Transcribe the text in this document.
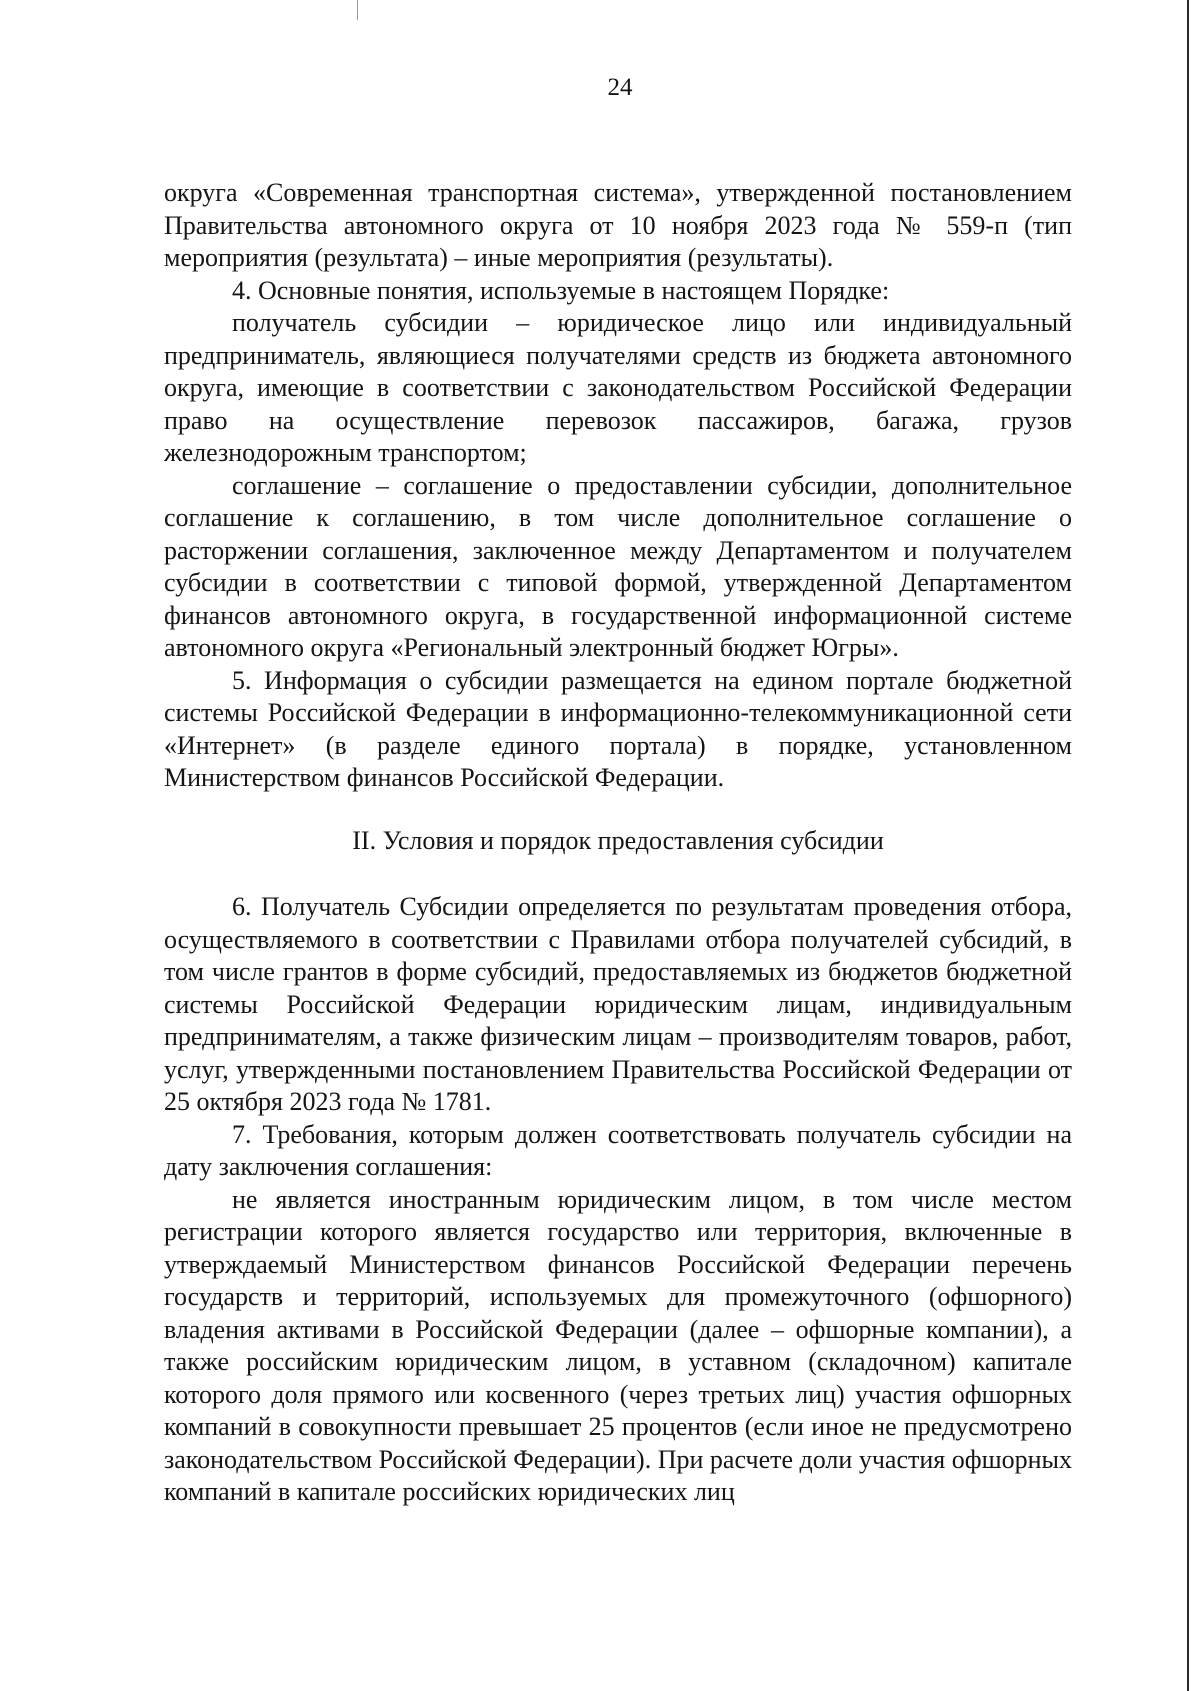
24

округа «Современная транспортная система», утвержденной постановлением Правительства автономного округа от 10 ноября 2023 года № 559-п (тип мероприятия (результата) – иные мероприятия (результаты).

4. Основные понятия, используемые в настоящем Порядке:

получатель субсидии – юридическое лицо или индивидуальный предприниматель, являющиеся получателями средств из бюджета автономного округа, имеющие в соответствии с законодательством Российской Федерации право на осуществление перевозок пассажиров, багажа, грузов железнодорожным транспортом;

соглашение – соглашение о предоставлении субсидии, дополнительное соглашение к соглашению, в том числе дополнительное соглашение о расторжении соглашения, заключенное между Департаментом и получателем субсидии в соответствии с типовой формой, утвержденной Департаментом финансов автономного округа, в государственной информационной системе автономного округа «Региональный электронный бюджет Югры».

5. Информация о субсидии размещается на едином портале бюджетной системы Российской Федерации в информационно-телекоммуникационной сети «Интернет» (в разделе единого портала) в порядке, установленном Министерством финансов Российской Федерации.

II. Условия и порядок предоставления субсидии

6. Получатель Субсидии определяется по результатам проведения отбора, осуществляемого в соответствии с Правилами отбора получателей субсидий, в том числе грантов в форме субсидий, предоставляемых из бюджетов бюджетной системы Российской Федерации юридическим лицам, индивидуальным предпринимателям, а также физическим лицам – производителям товаров, работ, услуг, утвержденными постановлением Правительства Российской Федерации от 25 октября 2023 года № 1781.

7. Требования, которым должен соответствовать получатель субсидии на дату заключения соглашения:

не является иностранным юридическим лицом, в том числе местом регистрации которого является государство или территория, включенные в утверждаемый Министерством финансов Российской Федерации перечень государств и территорий, используемых для промежуточного (офшорного) владения активами в Российской Федерации (далее – офшорные компании), а также российским юридическим лицом, в уставном (складочном) капитале которого доля прямого или косвенного (через третьих лиц) участия офшорных компаний в совокупности превышает 25 процентов (если иное не предусмотрено законодательством Российской Федерации). При расчете доли участия офшорных компаний в капитале российских юридических лиц
